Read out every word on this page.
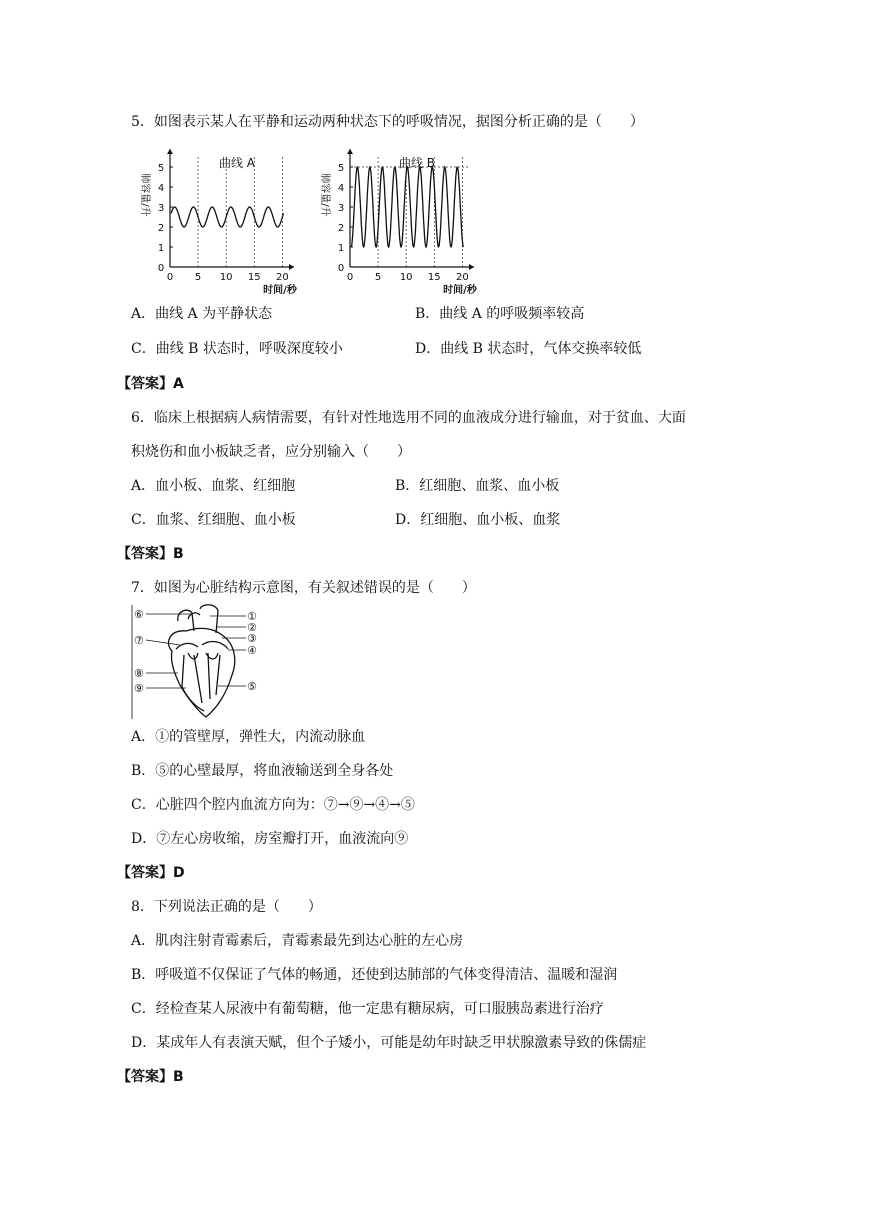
5．如图表示某人在平静和运动两种状态下的呼吸情况，据图分析正确的是（　　）
0
1
2
3
4
5
0 5 10 15 20
肺容量/升
时间/秒
曲线 A
0
1
2
3
4
5
0 5 10 15 20
肺容量/升
时间/秒
曲线 B
A．曲线 A 为平静状态	B．曲线 A 的呼吸频率较高
C．曲线 B 状态时，呼吸深度较小	D．曲线 B 状态时，气体交换率较低
【答案】A
6．临床上根据病人病情需要，有针对性地选用不同的血液成分进行输血，对于贫血、大面
积烧伤和血小板缺乏者，应分别输入（　　）
A．血小板、血浆、红细胞	B．红细胞、血浆、血小板
C．血浆、红细胞、血小板	D．红细胞、血小板、血浆
【答案】B
7．如图为心脏结构示意图，有关叙述错误的是（　　）
⑥	①
②
③
④
⑦
⑧
⑨	⑤
A．①的管壁厚，弹性大，内流动脉血
B．⑤的心壁最厚，将血液输送到全身各处
C．心脏四个腔内血流方向为：⑦→⑨→④→⑤
D．⑦左心房收缩，房室瓣打开，血液流向⑨
【答案】D
8．下列说法正确的是（　　）
A．肌肉注射青霉素后，青霉素最先到达心脏的左心房
B．呼吸道不仅保证了气体的畅通，还使到达肺部的气体变得清洁、温暖和湿润
C．经检查某人尿液中有葡萄糖，他一定患有糖尿病，可口服胰岛素进行治疗
D．某成年人有表演天赋，但个子矮小，可能是幼年时缺乏甲状腺激素导致的侏儒症
【答案】B
